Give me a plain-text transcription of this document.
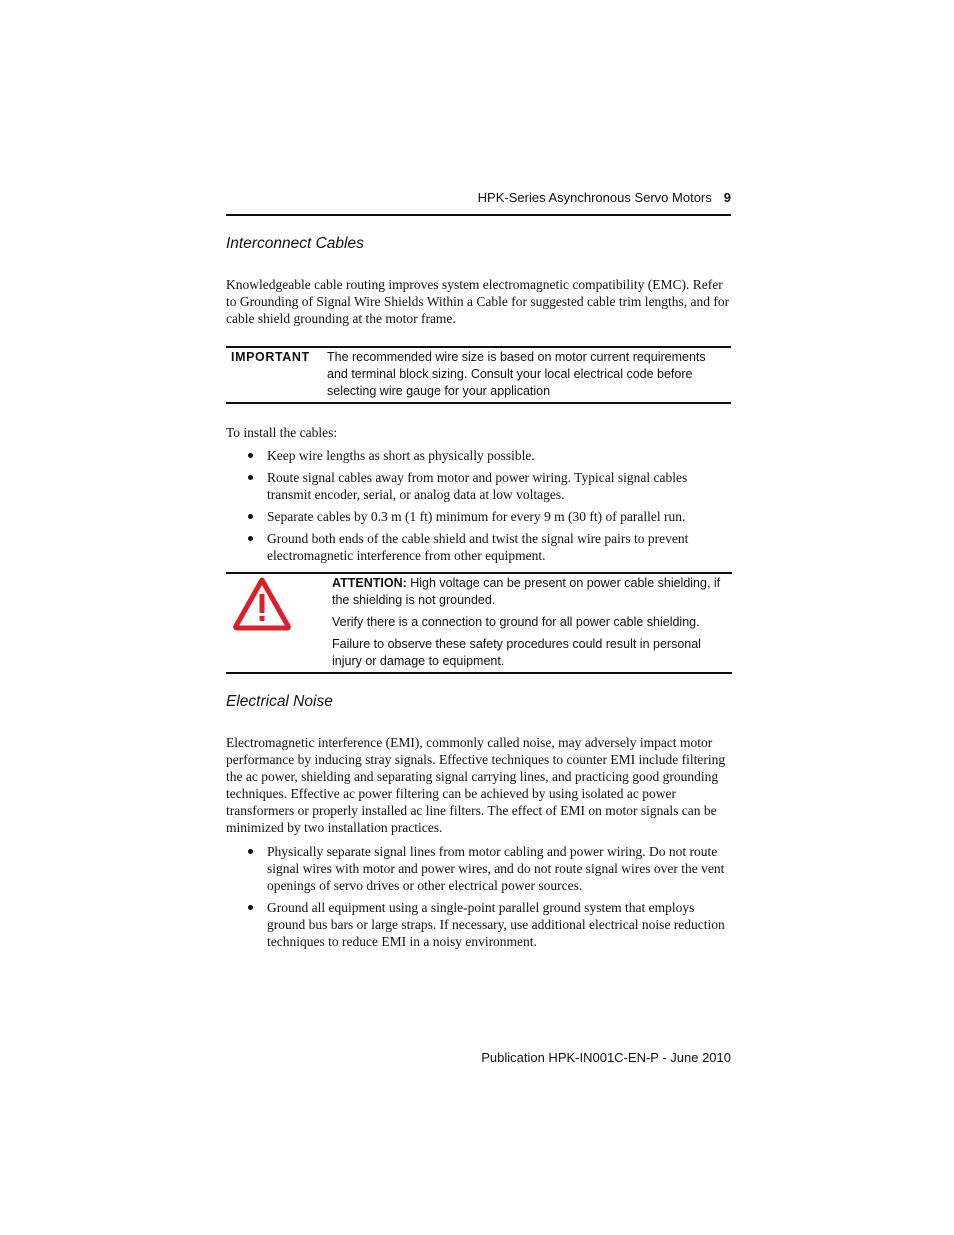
HPK-Series Asynchronous Servo Motors 9
Interconnect Cables
Knowledgeable cable routing improves system electromagnetic compatibility (EMC). Refer to Grounding of Signal Wire Shields Within a Cable for suggested cable trim lengths, and for cable shield grounding at the motor frame.
IMPORTANT The recommended wire size is based on motor current requirements and terminal block sizing. Consult your local electrical code before selecting wire gauge for your application
To install the cables:
Keep wire lengths as short as physically possible.
Route signal cables away from motor and power wiring. Typical signal cables transmit encoder, serial, or analog data at low voltages.
Separate cables by 0.3 m (1 ft) minimum for every 9 m (30 ft) of parallel run.
Ground both ends of the cable shield and twist the signal wire pairs to prevent electromagnetic interference from other equipment.

ATTENTION: High voltage can be present on power cable shielding, if the shielding is not grounded.

Verify there is a connection to ground for all power cable shielding.

Failure to observe these safety procedures could result in personal injury or damage to equipment.

Electrical Noise
Electromagnetic interference (EMI), commonly called noise, may adversely impact motor performance by inducing stray signals. Effective techniques to counter EMI include filtering the ac power, shielding and separating signal carrying lines, and practicing good grounding techniques. Effective ac power filtering can be achieved by using isolated ac power transformers or properly installed ac line filters. The effect of EMI on motor signals can be minimized by two installation practices.
Physically separate signal lines from motor cabling and power wiring. Do not route signal wires with motor and power wires, and do not route signal wires over the vent openings of servo drives or other electrical power sources.
Ground all equipment using a single-point parallel ground system that employs ground bus bars or large straps. If necessary, use additional electrical noise reduction techniques to reduce EMI in a noisy environment.
Publication HPK-IN001C-EN-P - June 2010
